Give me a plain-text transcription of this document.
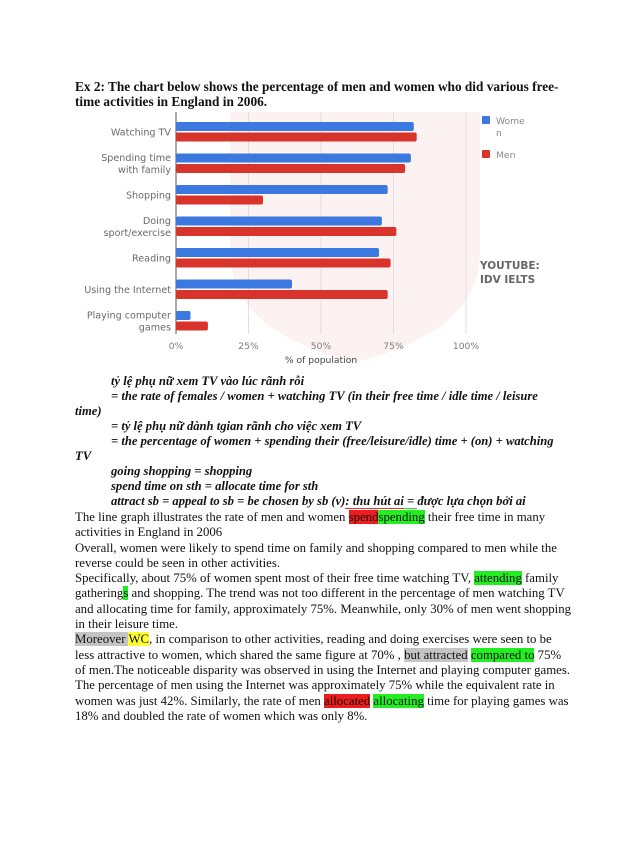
Ex 2: The chart below shows the percentage of men and women who did various free-time activities in England in 2006.
Watching TV
Spending time
with family
Shopping
Doing
sport/exercise
Reading
Using the Internet
Playing computer
games
0%	25%	50%	75%	100%
% of population
Wome
n
Men
YOUTUBE:
IDV IELTS
tỷ lệ phụ nữ xem TV vào lúc rãnh rỗi
= the rate of females / women + watching TV (in their free time / idle time / leisure
time)
= tỷ lệ phụ nữ dành tgian rãnh cho việc xem TV
= the percentage of women + spending their (free/leisure/idle) time + (on) + watching
TV
going shopping = shopping
spend time on sth = allocate time for sth
attract sb = appeal to sb = be chosen by sb (v): thu hút ai = được lựa chọn bởi ai

The line graph illustrates the rate of men and women spendspending their free time in many activities in England in 2006

Overall, women were likely to spend time on family and shopping compared to men while the reverse could be seen in other activities.

Specifically, about 75% of women spent most of their free time watching TV, attending family gatherings and shopping. The trend was not too different in the percentage of men watching TV and allocating time for family, approximately 75%. Meanwhile, only 30% of men went shopping in their leisure time.

Moreover WC, in comparison to other activities, reading and doing exercises were seen to be less attractive to women, which shared the same figure at 70% , but attracted compared to 75% of men.The noticeable disparity was observed in using the Internet and playing computer games. The percentage of men using the Internet was approximately 75% while the equivalent rate in women was just 42%. Similarly, the rate of men allocated allocating time for playing games was 18% and doubled the rate of women which was only 8%.
